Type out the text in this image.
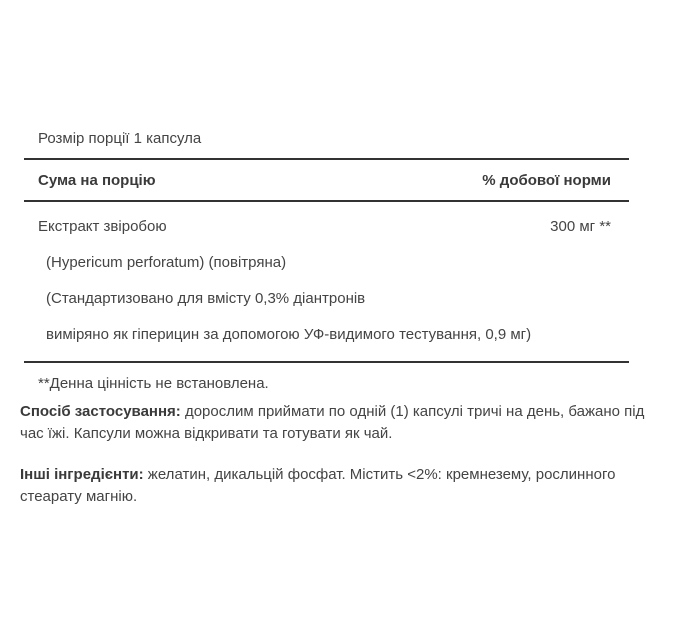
Розмір порції 1 капсула
Сума на порцію	% добової норми
Екстракт звіробою	300 мг **
(Hypericum perforatum) (повітряна)
(Стандартизовано для вмісту 0,3% діантронів
виміряно як гіперицин за допомогою УФ-видимого тестування, 0,9 мг)
**Денна цінність не встановлена.
Спосіб застосування: дорослим приймати по одній (1) капсулі тричі на день, бажано під час їжі. Капсули можна відкривати та готувати як чай.
Інші інгредієнти: желатин, дикальцій фосфат. Містить <2%: кремнезему, рослинного стеарату магнію.
